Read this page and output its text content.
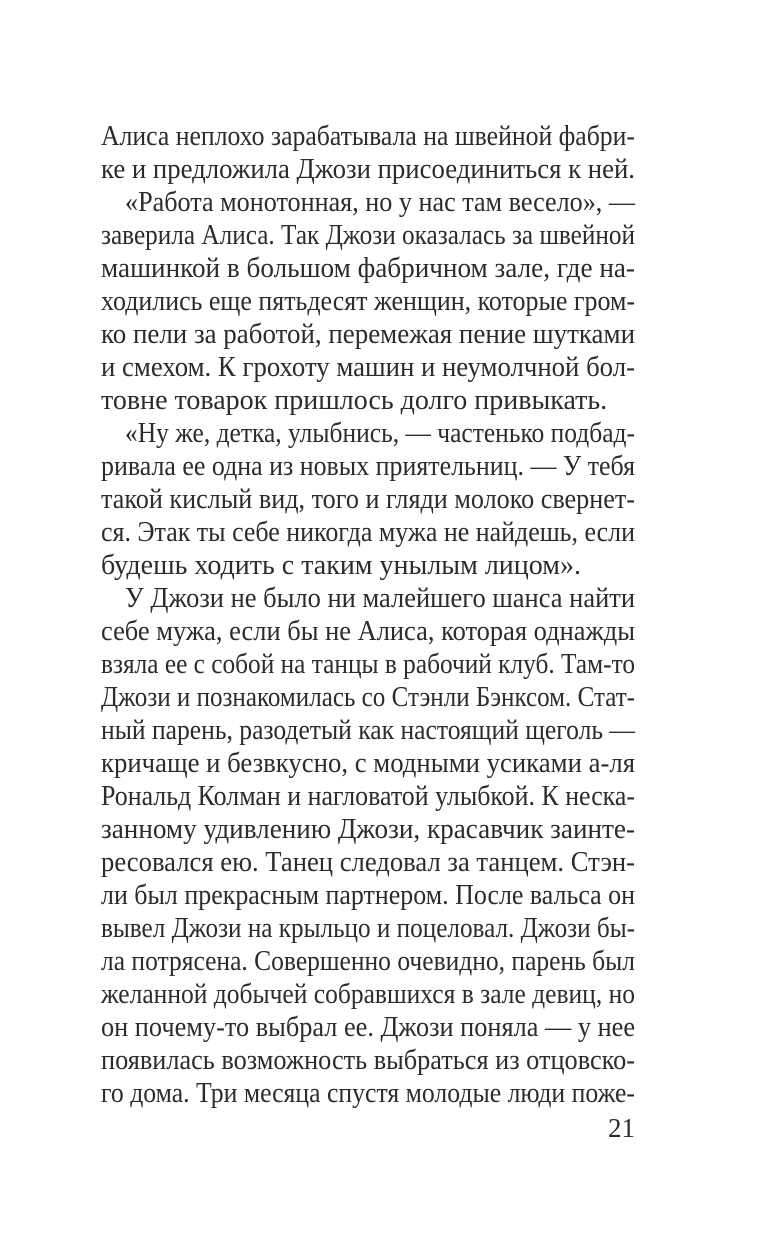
Алиса неплохо зарабатывала на швейной фабри-
ке и предложила Джози присоединиться к ней.
«Работа монотонная, но у нас там весело», —
заверила Алиса. Так Джози оказалась за швейной
машинкой в большом фабричном зале, где на-
ходились еще пятьдесят женщин, которые гром-
ко пели за работой, перемежая пение шутками
и смехом. К грохоту машин и неумолчной бол-
товне товарок пришлось долго привыкать.
«Ну же, детка, улыбнись, — частенько подбад-
ривала ее одна из новых приятельниц. — У тебя
такой кислый вид, того и гляди молоко свернет-
ся. Этак ты себе никогда мужа не найдешь, если
будешь ходить с таким унылым лицом».
У Джози не было ни малейшего шанса найти
себе мужа, если бы не Алиса, которая однажды
взяла ее с собой на танцы в рабочий клуб. Там-то
Джози и познакомилась со Стэнли Бэнксом. Стат-
ный парень, разодетый как настоящий щеголь —
кричаще и безвкусно, с модными усиками а-ля
Рональд Колман и нагловатой улыбкой. К неска-
занному удивлению Джози, красавчик заинте-
ресовался ею. Танец следовал за танцем. Стэн-
ли был прекрасным партнером. После вальса он
вывел Джози на крыльцо и поцеловал. Джози бы-
ла потрясена. Совершенно очевидно, парень был
желанной добычей собравшихся в зале девиц, но
он почему-то выбрал ее. Джози поняла — у нее
появилась возможность выбраться из отцовско-
го дома. Три месяца спустя молодые люди поже-
21
